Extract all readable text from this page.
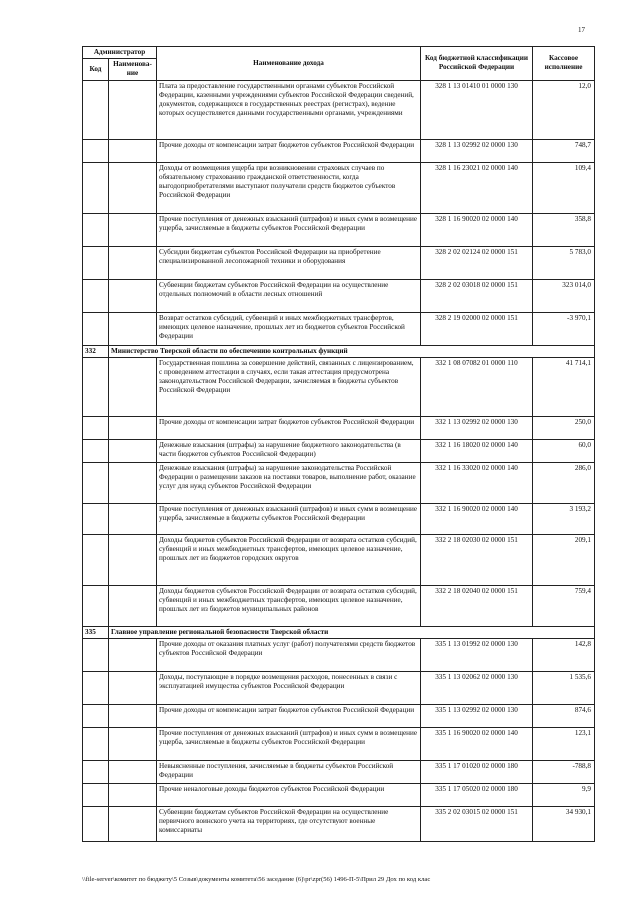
17
Администратор		Наименование дохода	Код бюджетной классификации Российской Федерации	Кассовое исполнение
Код	Наименова-ние			
		Плата за предоставление государственными органами субъектов Российской Федерации, казенными учреждениями субъектов Российской Федерации сведений, документов, содержащихся в государственных реестрах (регистрах), ведение которых осуществляется данными государственными органами, учреждениями	328 1 13 01410 01 0000 130	12,0
		Прочие доходы от компенсации затрат бюджетов субъектов Российской Федерации	328 1 13 02992 02 0000 130	748,7
		Доходы от возмещения ущерба при возникновении страховых случаев по обязательному страхованию гражданской ответственности, когда выгодоприобретателями выступают получатели средств бюджетов субъектов Российской Федерации	328 1 16 23021 02 0000 140	109,4
		Прочие поступления от денежных взысканий (штрафов) и иных сумм в возмещение ущерба, зачисляемые в бюджеты субъектов Российской Федерации	328 1 16 90020 02 0000 140	358,8
		Субсидии бюджетам субъектов Российской Федерации на приобретение специализированной лесопожарной техники и оборудования	328 2 02 02124 02 0000 151	5 783,0
		Субвенции бюджетам субъектов Российской Федерации на осуществление отдельных полномочий в области лесных отношений	328 2 02 03018 02 0000 151	323 014,0
		Возврат остатков субсидий, субвенций и иных межбюджетных трансфертов, имеющих целевое назначение, прошлых лет из бюджетов субъектов Российской Федерации	328 2 19 02000 02 0000 151	-3 970,1
332	Министерство Тверской области по обеспечению контрольных функций			
		Государственная пошлина за совершение действий, связанных с лицензированием, с проведением аттестации в случаях, если такая аттестация предусмотрена законодательством Российской Федерации, зачисляемая в бюджеты субъектов Российской Федерации	332 1 08 07082 01 0000 110	41 714,1
		Прочие доходы от компенсации затрат бюджетов субъектов Российской Федерации	332 1 13 02992 02 0000 130	250,0
		Денежные взыскания (штрафы) за нарушение бюджетного законодательства (в части бюджетов субъектов Российской Федерации)	332 1 16 18020 02 0000 140	60,0
		Денежные взыскания (штрафы) за нарушение законодательства Российской Федерации о размещении заказов на поставки товаров, выполнение работ, оказание услуг для нужд субъектов Российской Федерации	332 1 16 33020 02 0000 140	286,0
		Прочие поступления от денежных взысканий (штрафов) и иных сумм в возмещение ущерба, зачисляемые в бюджеты субъектов Российской Федерации	332 1 16 90020 02 0000 140	3 193,2
		Доходы бюджетов субъектов Российской Федерации от возврата остатков субсидий, субвенций и иных межбюджетных трансфертов, имеющих целевое назначение, прошлых лет из бюджетов городских округов	332 2 18 02030 02 0000 151	209,1
		Доходы бюджетов субъектов Российской Федерации от возврата остатков субсидий, субвенций и иных межбюджетных трансфертов, имеющих целевое назначение, прошлых лет из бюджетов муниципальных районов	332 2 18 02040 02 0000 151	759,4
335	Главное управление региональной безопасности Тверской области			
		Прочие доходы от оказания платных услуг (работ) получателями средств бюджетов субъектов Российской Федерации	335 1 13 01992 02 0000 130	142,8
		Доходы, поступающие в порядке возмещения расходов, понесенных в связи с эксплуатацией имущества субъектов Российской Федерации	335 1 13 02062 02 0000 130	1 535,6
		Прочие доходы от компенсации затрат бюджетов субъектов Российской Федерации	335 1 13 02992 02 0000 130	874,6
		Прочие поступления от денежных взысканий (штрафов) и иных сумм в возмещение ущерба, зачисляемые в бюджеты субъектов Российской Федерации	335 1 16 90020 02 0000 140	123,1
		Невыясненные поступления, зачисляемые в бюджеты субъектов Российской Федерации	335 1 17 01020 02 0000 180	-788,8
		Прочие неналоговые доходы бюджетов субъектов Российской Федерации	335 1 17 05020 02 0000 180	9,9
		Субвенции бюджетам субъектов Российской Федерации на осуществление первичного воинского учета на территориях, где отсутствуют военные комиссариаты	335 2 02 03015 02 0000 151	34 930,1
\\file-server\комитет по бюджету\5 Созыв\документы комитета\56 заседание (6)\pr\zpr(56) 1496-П-5\Прил 29 Дох по код клас
